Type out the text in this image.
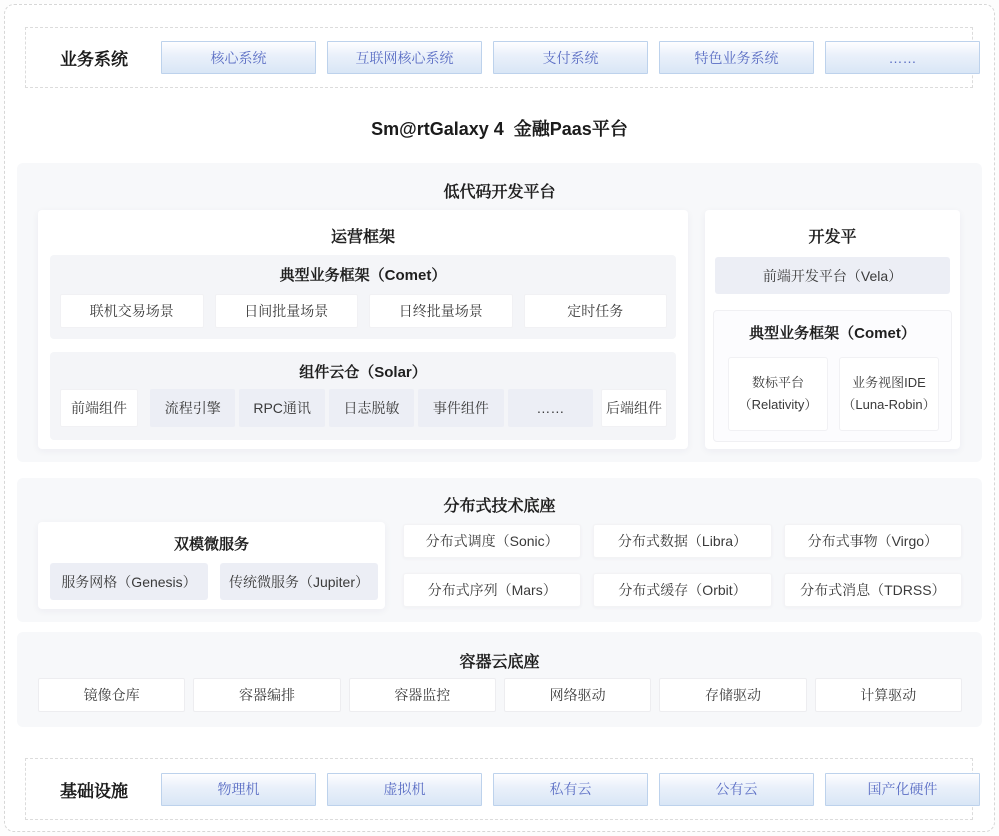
业务系统	核心系统	互联网核心系统	支付系统	特色业务系统	……
Sm@rtGalaxy 4  金融Paas平台
低代码开发平台
运营框架
典型业务框架（Comet）
联机交易场景	日间批量场景	日终批量场景	定时任务
组件云仓（Solar）
前端组件	流程引擎	RPC通讯	日志脱敏	事件组件	……	后端组件
开发平
前端开发平台（Vela）
典型业务框架（Comet）
数标平台
（Relativity）
业务视图IDE
（Luna-Robin）
分布式技术底座
双模微服务
服务网格（Genesis）	传统微服务（Jupiter）
分布式调度（Sonic）	分布式数据（Libra）	分布式事物（Virgo）
分布式序列（Mars）	分布式缓存（Orbit）	分布式消息（TDRSS）
容器云底座
镜像仓库	容器编排	容器监控	网络驱动	存储驱动	计算驱动
基础设施	物理机	虚拟机	私有云	公有云	国产化硬件
